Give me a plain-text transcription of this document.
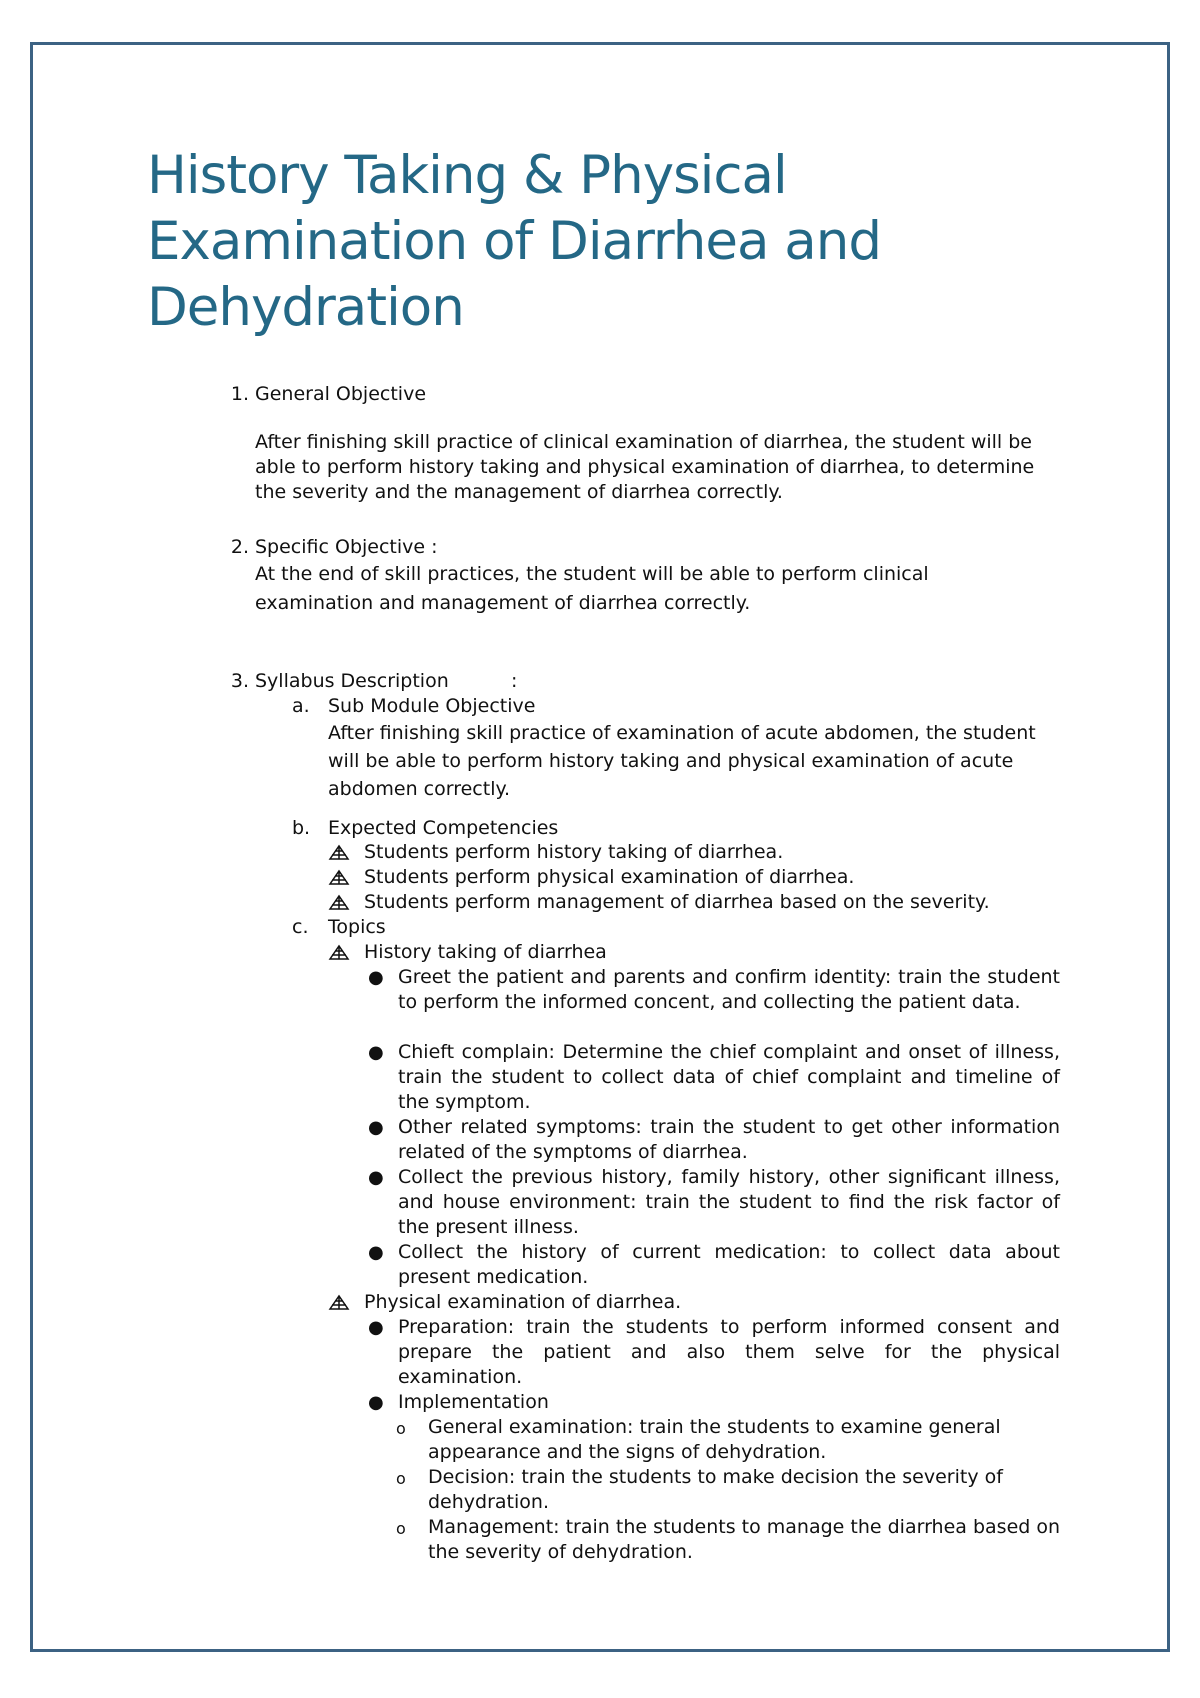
History Taking & Physical Examination of Diarrhea and Dehydration
1. General Objective
After finishing skill practice of clinical examination of diarrhea, the student will be able to perform history taking and physical examination of diarrhea, to determine the severity and the management of diarrhea correctly.
2. Specific Objective :
At the end of skill practices, the student will be able to perform clinical examination and management of diarrhea correctly.
3. Syllabus Description	:
a. Sub Module Objective
After finishing skill practice of examination of acute abdomen, the student will be able to perform history taking and physical examination of acute abdomen correctly.
b. Expected Competencies
Students perform history taking of diarrhea.
Students perform physical examination of diarrhea.
Students perform management of diarrhea based on the severity.
c. Topics
History taking of diarrhea
● Greet the patient and parents and confirm identity: train the student to perform the informed concent, and collecting the patient data.
● Chieft complain: Determine the chief complaint and onset of illness, train the student to collect data of chief complaint and timeline of the symptom.
● Other related symptoms: train the student to get other information related of the symptoms of diarrhea.
● Collect the previous history, family history, other significant illness, and house environment: train the student to find the risk factor of the present illness.
● Collect the history of current medication: to collect data about present medication.
Physical examination of diarrhea.
● Preparation: train the students to perform informed consent and prepare the patient and also them selve for the physical examination.
● Implementation
o General examination: train the students to examine general appearance and the signs of dehydration.
o Decision: train the students to make decision the severity of dehydration.
o Management: train the students to manage the diarrhea based on the severity of dehydration.
